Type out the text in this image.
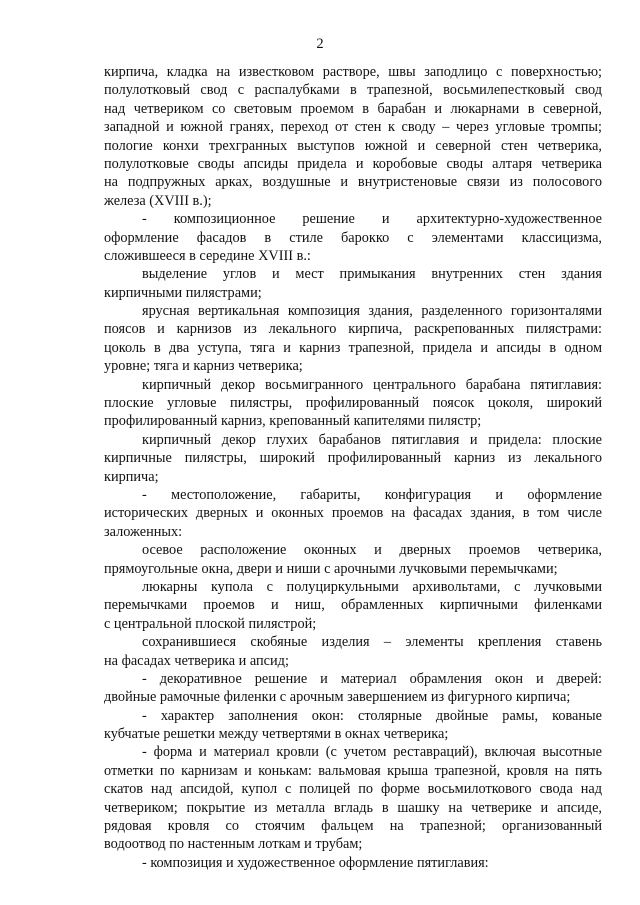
2
кирпича, кладка на известковом растворе, швы заподлицо с поверхностью;
полулотковый свод с распалубками в трапезной, восьмилепестковый свод
над четвериком со световым проемом в барабан и люкарнами в северной,
западной и южной гранях, переход от стен к своду – через угловые тромпы;
пологие конхи трехгранных выступов южной и северной стен четверика,
полулотковые своды апсиды придела и коробовые своды алтаря четверика
на подпружных арках, воздушные и внутристеновые связи из полосового
железа (XVIII в.);
- композиционное решение и архитектурно-художественное
оформление фасадов в стиле барокко с элементами классицизма,
сложившееся в середине XVIII в.:
выделение углов и мест примыкания внутренних стен здания
кирпичными пилястрами;
ярусная вертикальная композиция здания, разделенного горизонталями
поясов и карнизов из лекального кирпича, раскрепованных пилястрами:
цоколь в два уступа, тяга и карниз трапезной, придела и апсиды в одном
уровне; тяга и карниз четверика;
кирпичный декор восьмигранного центрального барабана пятиглавия:
плоские угловые пилястры, профилированный поясок цоколя, широкий
профилированный карниз, крепованный капителями пилястр;
кирпичный декор глухих барабанов пятиглавия и придела: плоские
кирпичные пилястры, широкий профилированный карниз из лекального
кирпича;
- местоположение, габариты, конфигурация и оформление
исторических дверных и оконных проемов на фасадах здания, в том числе
заложенных:
осевое расположение оконных и дверных проемов четверика,
прямоугольные окна, двери и ниши с арочными лучковыми перемычками;
люкарны купола с полуциркульными архивольтами, с лучковыми
перемычками проемов и ниш, обрамленных кирпичными филенками
с центральной плоской пилястрой;
сохранившиеся скобяные изделия – элементы крепления ставень
на фасадах четверика и апсид;
- декоративное решение и материал обрамления окон и дверей:
двойные рамочные филенки с арочным завершением из фигурного кирпича;
- характер заполнения окон: столярные двойные рамы, кованые
кубчатые решетки между четвертями в окнах четверика;
- форма и материал кровли (с учетом реставраций), включая высотные
отметки по карнизам и конькам: вальмовая крыша трапезной, кровля на пять
скатов над апсидой, купол с полицей по форме восьмилоткового свода над
четвериком; покрытие из металла вгладь в шашку на четверике и апсиде,
рядовая кровля со стоячим фальцем на трапезной; организованный
водоотвод по настенным лоткам и трубам;
- композиция и художественное оформление пятиглавия:
